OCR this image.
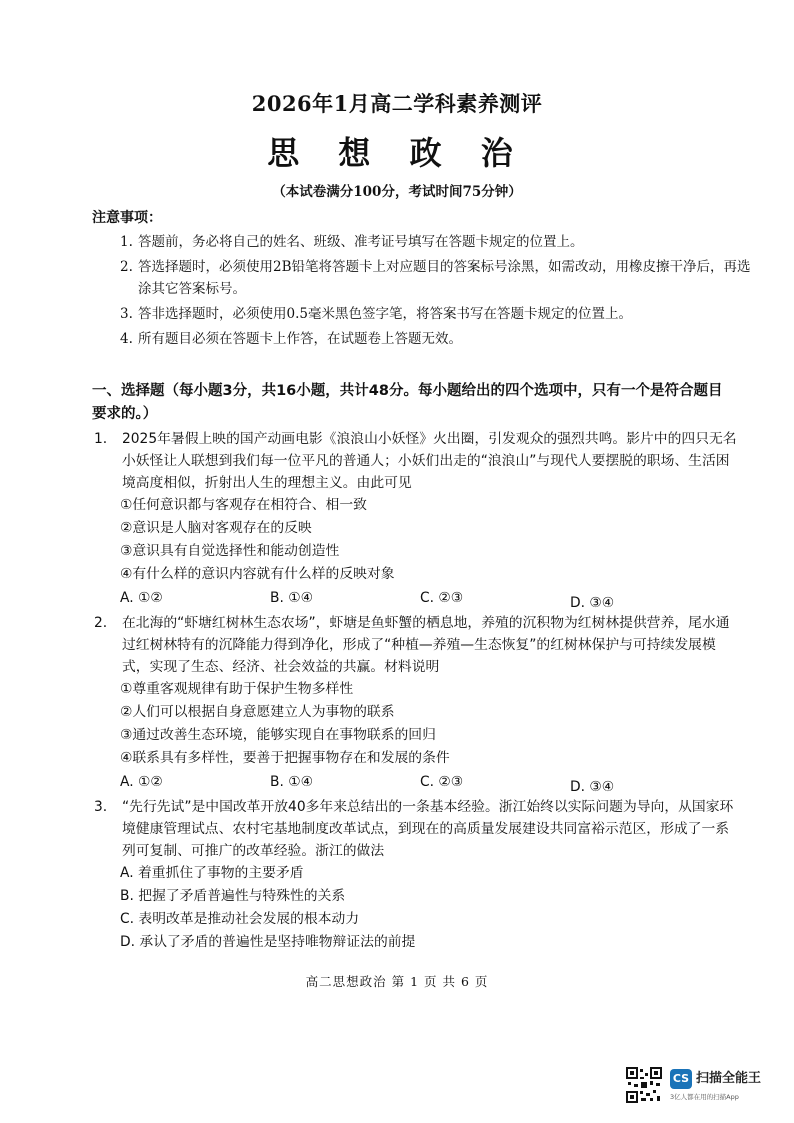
2026年1月高二学科素养测评
思 想 政 治
（本试卷满分100分，考试时间75分钟）
注意事项：
1. 答题前，务必将自己的姓名、班级、准考证号填写在答题卡规定的位置上。
2. 答选择题时，必须使用2B铅笔将答题卡上对应题目的答案标号涂黑，如需改动，用橡皮擦干净后，再选涂其它答案标号。
3. 答非选择题时，必须使用0.5毫米黑色签字笔，将答案书写在答题卡规定的位置上。
4. 所有题目必须在答题卡上作答，在试题卷上答题无效。
一、选择题（每小题3分，共16小题，共计48分。每小题给出的四个选项中，只有一个是符合题目要求的。）
1.	2025年暑假上映的国产动画电影《浪浪山小妖怪》火出圈，引发观众的强烈共鸣。影片中的四只无名小妖怪让人联想到我们每一位平凡的普通人；小妖们出走的“浪浪山”与现代人要摆脱的职场、生活困境高度相似，折射出人生的理想主义。由此可见
①任何意识都与客观存在相符合、相一致
②意识是人脑对客观存在的反映
③意识具有自觉选择性和能动创造性
④有什么样的意识内容就有什么样的反映对象
A. ①②	B. ①④	C. ②③	D. ③④
2.	在北海的“虾塘红树林生态农场”，虾塘是鱼虾蟹的栖息地，养殖的沉积物为红树林提供营养，尾水通过红树林特有的沉降能力得到净化，形成了“种植—养殖—生态恢复”的红树林保护与可持续发展模式，实现了生态、经济、社会效益的共赢。材料说明
①尊重客观规律有助于保护生物多样性
②人们可以根据自身意愿建立人为事物的联系
③通过改善生态环境，能够实现自在事物联系的回归
④联系具有多样性，要善于把握事物存在和发展的条件
A. ①②	B. ①④	C. ②③	D. ③④
3.	“先行先试”是中国改革开放40多年来总结出的一条基本经验。浙江始终以实际问题为导向，从国家环境健康管理试点、农村宅基地制度改革试点，到现在的高质量发展建设共同富裕示范区，形成了一系列可复制、可推广的改革经验。浙江的做法
A. 着重抓住了事物的主要矛盾
B. 把握了矛盾普遍性与特殊性的关系
C. 表明改革是推动社会发展的根本动力
D. 承认了矛盾的普遍性是坚持唯物辩证法的前提
高二思想政治 第 1 页 共 6 页
CS 扫描全能王
3亿人都在用的扫描App
